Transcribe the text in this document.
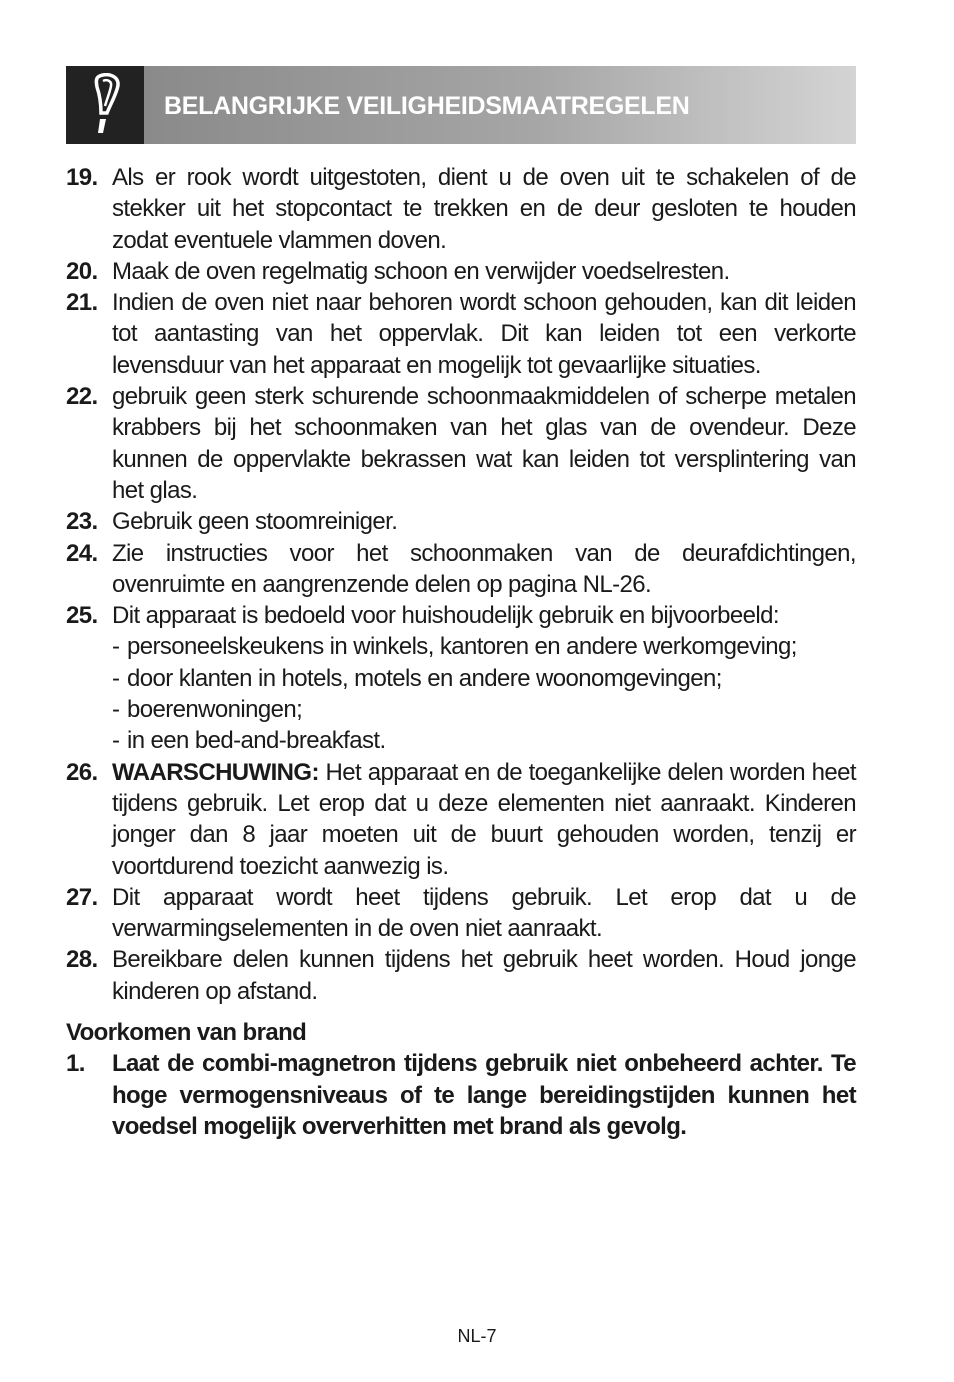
BELANGRIJKE VEILIGHEIDSMAATREGELEN
19. Als er rook wordt uitgestoten, dient u de oven uit te schakelen of de stekker uit het stopcontact te trekken en de deur gesloten te houden zodat eventuele vlammen doven.
20. Maak de oven regelmatig schoon en verwijder voedselresten.
21. Indien de oven niet naar behoren wordt schoon gehouden, kan dit leiden tot aantasting van het oppervlak. Dit kan leiden tot een verkorte levensduur van het apparaat en mogelijk tot gevaarlijke situaties.
22. gebruik geen sterk schurende schoonmaakmiddelen of scherpe metalen krabbers bij het schoonmaken van het glas van de ovendeur. Deze kunnen de oppervlakte bekrassen wat kan leiden tot versplintering van het glas.
23. Gebruik geen stoomreiniger.
24. Zie instructies voor het schoonmaken van de deurafdichtingen, ovenruimte en aangrenzende delen op pagina NL-26.
25. Dit apparaat is bedoeld voor huishoudelijk gebruik en bijvoorbeeld:
- personeelskeukens in winkels, kantoren en andere werkomgeving;
- door klanten in hotels, motels en andere woonomgevingen;
- boerenwoningen;
- in een bed-and-breakfast.
26. WAARSCHUWING: Het apparaat en de toegankelijke delen worden heet tijdens gebruik. Let erop dat u deze elementen niet aanraakt. Kinderen jonger dan 8 jaar moeten uit de buurt gehouden worden, tenzij er voortdurend toezicht aanwezig is.
27. Dit apparaat wordt heet tijdens gebruik. Let erop dat u de verwarmingselementen in de oven niet aanraakt.
28. Bereikbare delen kunnen tijdens het gebruik heet worden. Houd jonge kinderen op afstand.
Voorkomen van brand
1.	Laat de combi-magnetron tijdens gebruik niet onbeheerd achter. Te hoge vermogensniveaus of te lange bereidingstijden kunnen het voedsel mogelijk oververhitten met brand als gevolg.
NL-7
